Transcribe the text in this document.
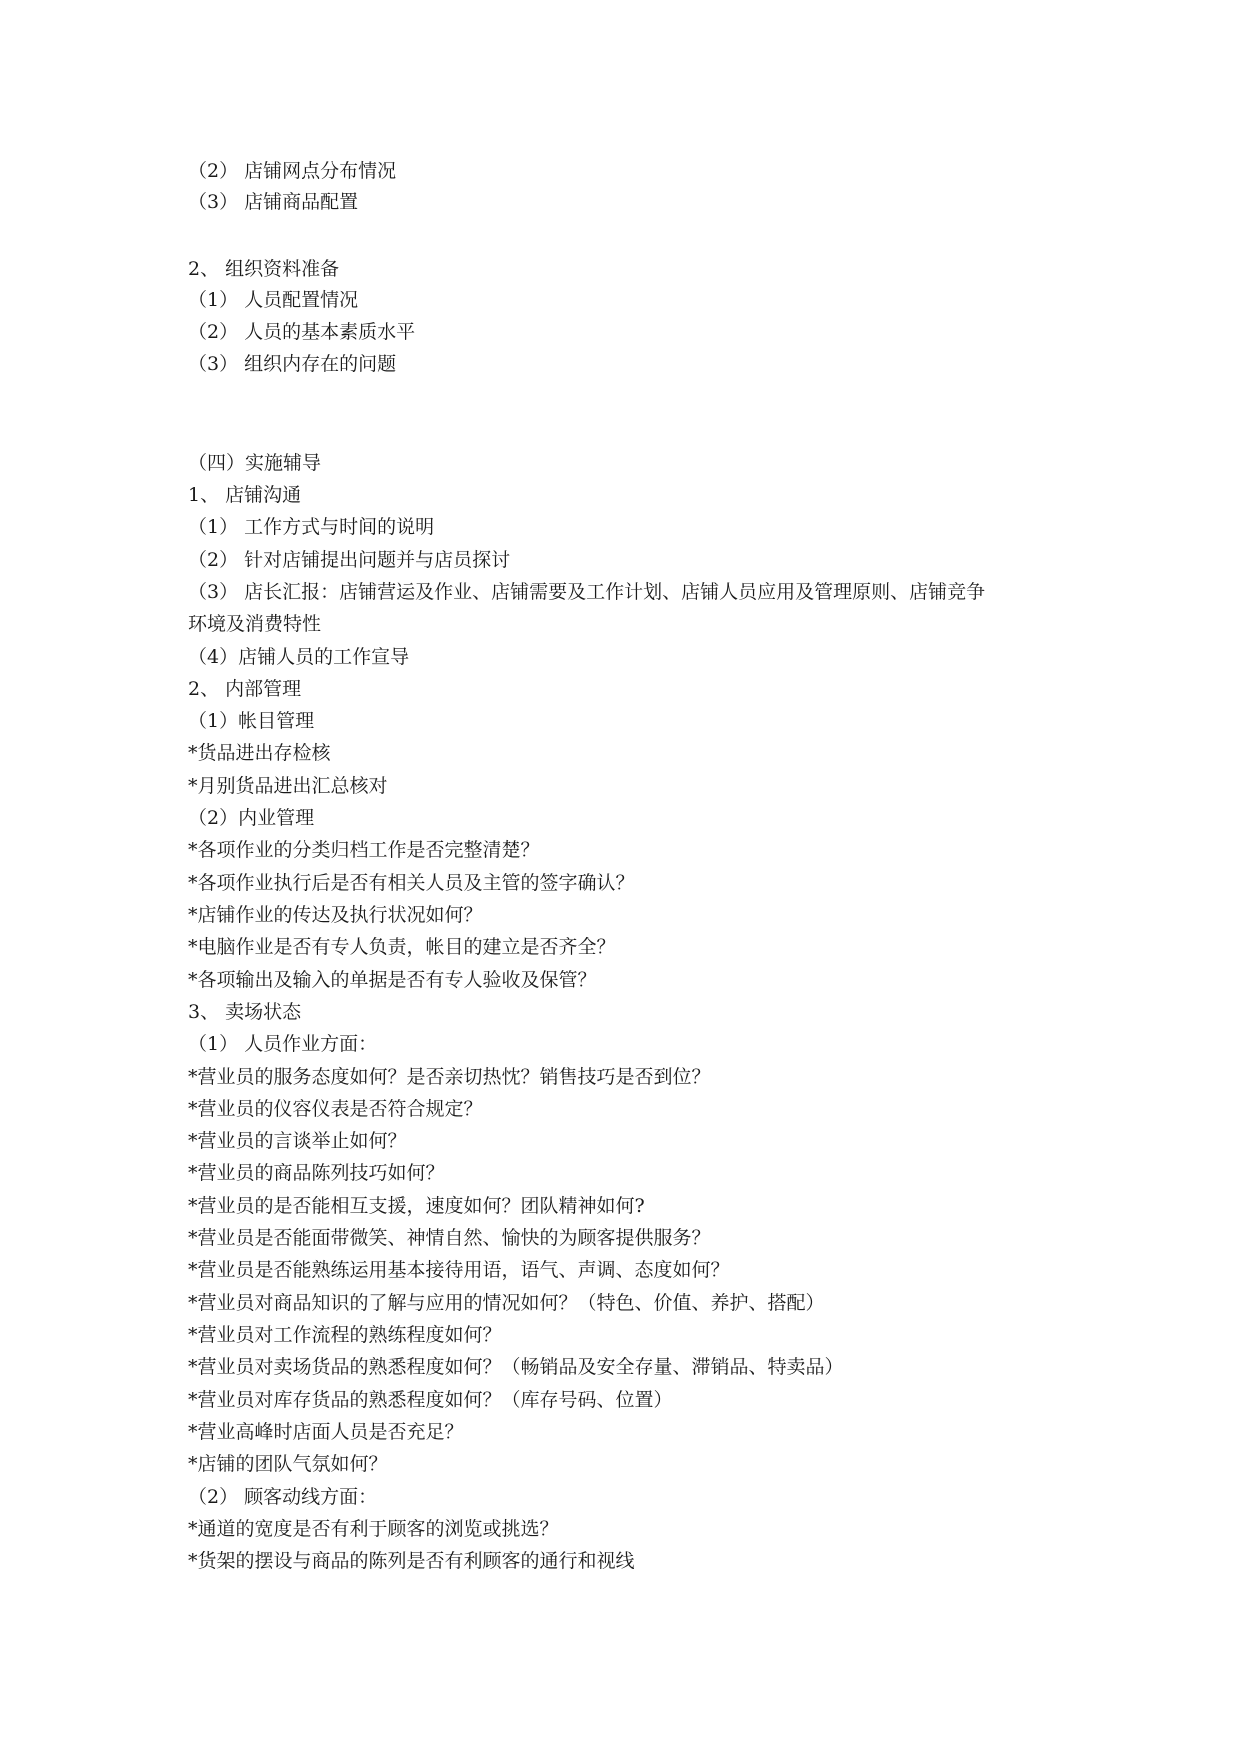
（2） 店铺网点分布情况

（3） 店铺商品配置

2、 组织资料准备

（1） 人员配置情况

（2） 人员的基本素质水平

（3） 组织内存在的问题

（四）实施辅导

1、 店铺沟通

（1） 工作方式与时间的说明

（2） 针对店铺提出问题并与店员探讨

（3） 店长汇报：店铺营运及作业、店铺需要及工作计划、店铺人员应用及管理原则、店铺竞争

环境及消费特性

（4）店铺人员的工作宣导

2、 内部管理

（1）帐目管理

*货品进出存检核

*月别货品进出汇总核对

（2）内业管理

*各项作业的分类归档工作是否完整清楚？

*各项作业执行后是否有相关人员及主管的签字确认？

*店铺作业的传达及执行状况如何？

*电脑作业是否有专人负责，帐目的建立是否齐全？

*各项输出及输入的单据是否有专人验收及保管？

3、 卖场状态

（1） 人员作业方面：

*营业员的服务态度如何？是否亲切热忱？销售技巧是否到位？

*营业员的仪容仪表是否符合规定？

*营业员的言谈举止如何？

*营业员的商品陈列技巧如何？

*营业员的是否能相互支援，速度如何？团队精神如何?

*营业员是否能面带微笑、神情自然、愉快的为顾客提供服务？

*营业员是否能熟练运用基本接待用语，语气、声调、态度如何？

*营业员对商品知识的了解与应用的情况如何？（特色、价值、养护、搭配）

*营业员对工作流程的熟练程度如何？

*营业员对卖场货品的熟悉程度如何？（畅销品及安全存量、滞销品、特卖品）

*营业员对库存货品的熟悉程度如何？（库存号码、位置）

*营业高峰时店面人员是否充足？

*店铺的团队气氛如何？

（2） 顾客动线方面：

*通道的宽度是否有利于顾客的浏览或挑选？

*货架的摆设与商品的陈列是否有利顾客的通行和视线
